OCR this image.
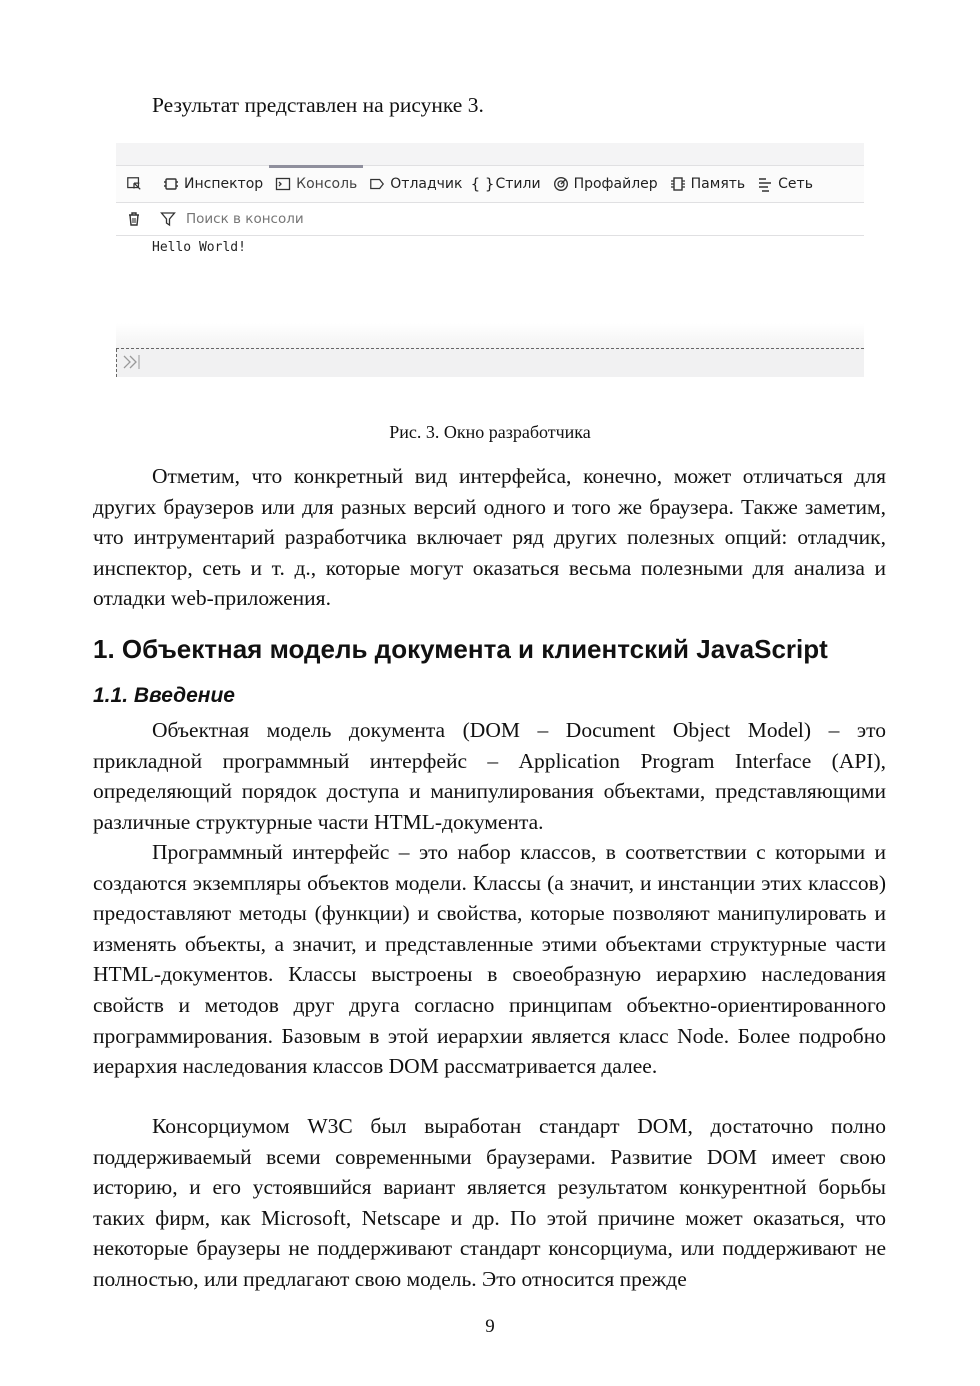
Результат представлен на рисунке 3.
Инспектор Консоль Отладчик { } Стили Профайлер Память Сеть
Поиск в консоли
Hello World!
Рис. 3. Окно разработчика

Отметим, что конкретный вид интерфейса, конечно, может отличаться для других браузеров или для разных версий одного и того же браузера. Также заметим, что интрументарий разработчика включает ряд других полезных опций: отладчик, инспектор, сеть и т. д., которые могут оказаться весьма полезными для анализа и отладки web-приложения.

1. Объектная модель документа и клиентский JavaScript
1.1. Введение

Объектная модель документа (DOM – Document Object Model) – это прикладной программный интерфейс – Application Program Interface (API), определяющий порядок доступа и манипулирования объектами, представляющими различные структурные части HTML-документа.

Программный интерфейс – это набор классов, в соответствии с которыми и создаются экземпляры объектов модели. Классы (а значит, и инстанции этих классов) предоставляют методы (функции) и свойства, которые позволяют манипулировать и изменять объекты, а значит, и представленные этими объектами структурные части HTML-документов. Классы выстроены в своеобразную иерархию наследования свойств и методов друг друга согласно принципам объектно-ориентированного программирования. Базовым в этой иерархии является класс Node. Более подробно иерархия наследования классов DOM рассматривается далее.

Консорциумом W3C был выработан стандарт DOM, достаточно полно поддерживаемый всеми современными браузерами. Развитие DOM имеет свою историю, и его устоявшийся вариант является результатом конкурентной борьбы таких фирм, как Microsoft, Netscape и др. По этой причине может оказаться, что некоторые браузеры не поддерживают стандарт консорциума, или поддерживают не полностью, или предлагают свою модель. Это относится прежде

9
